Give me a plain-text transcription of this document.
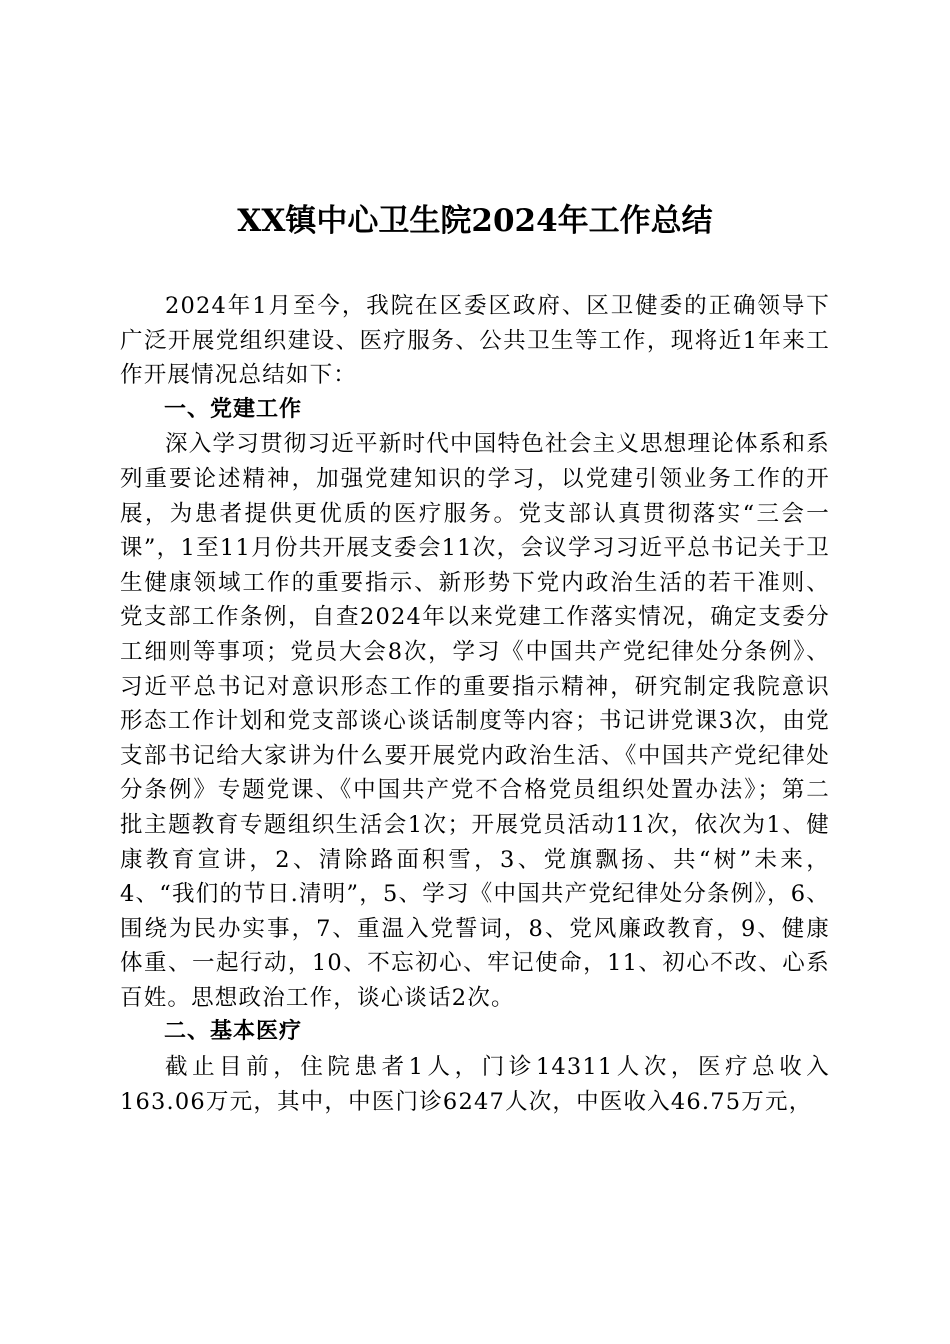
XX镇中心卫生院2024年工作总结

2024年1月至今，我院在区委区政府、区卫健委的正确领导下广泛开展党组织建设、医疗服务、公共卫生等工作，现将近1年来工作开展情况总结如下：

一、党建工作

深入学习贯彻习近平新时代中国特色社会主义思想理论体系和系列重要论述精神，加强党建知识的学习，以党建引领业务工作的开展，为患者提供更优质的医疗服务。党支部认真贯彻落实“三会一课”，1至11月份共开展支委会11次，会议学习习近平总书记关于卫生健康领域工作的重要指示、新形势下党内政治生活的若干准则、党支部工作条例，自查2024年以来党建工作落实情况，确定支委分工细则等事项；党员大会8次，学习《中国共产党纪律处分条例》、习近平总书记对意识形态工作的重要指示精神，研究制定我院意识形态工作计划和党支部谈心谈话制度等内容；书记讲党课3次，由党支部书记给大家讲为什么要开展党内政治生活、《中国共产党纪律处分条例》专题党课、《中国共产党不合格党员组织处置办法》；第二批主题教育专题组织生活会1次；开展党员活动11次，依次为1、健康教育宣讲，2、清除路面积雪，3、党旗飘扬、共“树”未来，4、“我们的节日.清明”，5、学习《中国共产党纪律处分条例》，6、围绕为民办实事，7、重温入党誓词，8、党风廉政教育，9、健康体重、一起行动，10、不忘初心、牢记使命，11、初心不改、心系百姓。思想政治工作，谈心谈话2次。

二、基本医疗

截止目前，住院患者1人，门诊14311人次，医疗总收入163.06万元，其中，中医门诊6247人次，中医收入46.75万元，
